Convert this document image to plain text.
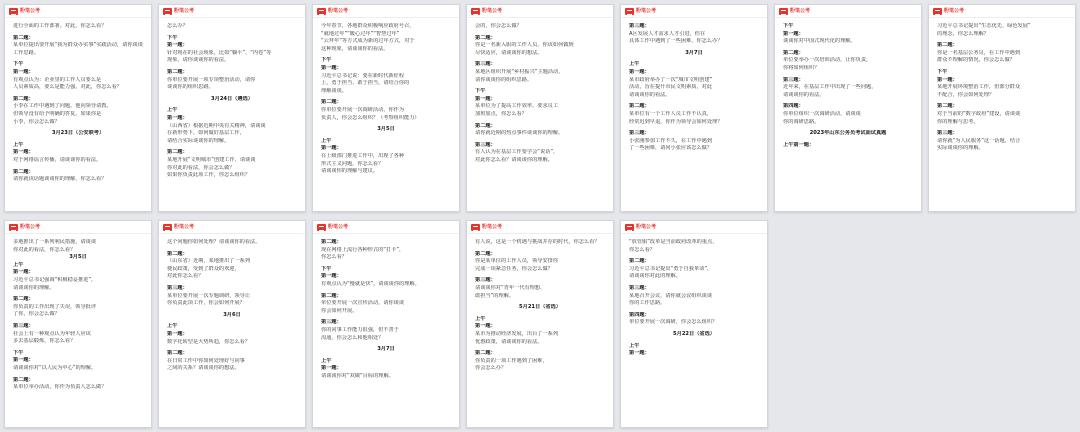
粉笔公考
进行全面的工作部署。对此，你怎么看？
第二题：
某单位提出要开展“我为群众办实事”实践活动，请你谈谈
工作思路。
下午
第一题：
有观点认为：企业里的工作人员要么是
人员素质高，要么是能力强。对此，你怎么看？
第二题：
小李在工作中遇到了问题，他向领导请教，
但领导没有给予明确的答复。如果你是
小李，你会怎么做？
3月23日（公安联考）
上午
第一题：
对于网络谣言传播，请谈谈你的看法。
第二题：
请你就该话题谈谈你的理解，你怎么看？
粉笔公考
怎么办？
下午
第一题：
针对现在的社会现象，比如“躺平”、“内卷”等
现象，请你谈谈你的看法。
第二题：
你单位要开展一项专项整治活动，请你
谈谈你的组织思路。
3月24日（遴选）
上午
第一题：
（山西省）根据近期中央有关精神，请谈谈
在新形势下，如何做好基层工作，
请结合实际谈谈你的理解。
第二题：
某地开展“文明城市”创建工作，请谈谈
你对此的看法，你会怎么做？
如果你负责此项工作，你怎么组织？
粉笔公考
今年春节，各地群众积极响应政府号召，
“就地过年”“暖心过年”“智慧过年”
“云拜年”等方式成为新的过年方式，对于
这种现象，请谈谈你的看法。
下午
第一题：
习近平总书记说：要在新时代新征程
上，勇于担当、敢于担当，请结合你的
理解谈谈。
第二题：
你单位要开展一次调研活动，你作为
负责人，你会怎么组织？（考察组织能力）
3月5日
上午
第一题：
在上级部门推进工作中，出现了各种
形式主义问题，你怎么看？
请谈谈你的理解与建议。
粉笔公考
会的，你会怎么做？
第二题：
你是一名新入职的工作人员，你该如何做到
尽快适应，请谈谈你的想法。
第三题：
某地区组织开展“乡村振兴”主题活动，
请你谈谈你的组织思路。
下午
第一题：
某单位为了提高工作效率，要求员工
加班加点，你怎么看？
第二题：
请你就近期的热点事件谈谈你的理解。
第三题：
有人认为在基层工作要学会“说话”，
对此你怎么看？请谈谈你的理解。
粉笔公考
第三题：
A区发展人才需求人才引进，但在
具体工作中遇到了一些困难，你怎么办？
3月7日
上午
第一题：
某市政府举办了一次“城市文明创建”
活动，旨在提升市民文明素质，对此
请谈谈你的看法。
第二题：
某单位有一个工作人员工作不认真，
经常迟到早退，你作为领导会如何处理？
第三题：
小张刚参加工作不久，在工作中遇到
了一些困难，请问小张应该怎么做？
粉笔公考
下午
第一题：
谈谈你对中国式现代化的理解。
第二题：
单位要举办一次培训活动，让你负责，
你将如何组织？
第三题：
近年来，在基层工作中出现了一些问题，
请谈谈你的看法。
第四题：
你单位组织一次调研活动，请谈谈
你的调研思路。
2023年山东公务员考试面试真题
上午第一题：
粉笔公考
习近平总书记提出“生态优先、绿色发展”
的理念，你怎么理解？
第二题：
你是一名基层公务员，在工作中遇到
群众不理解的情况，你会怎么做？
下午
第一题：
某地开展环境整治工作，但部分群众
不配合，你会如何处理？
第二题：
对于当前的“数字政府”建设，请谈谈
你的理解与思考。
第三题：
请你就“为人民服务”这一话题，结合
实际谈谈你的理解。
粉笔公考
多地推出了一系列利民措施，请谈谈
你对此的看法，你怎么看？
3月5日
上午
第一题：
习近平总书记强调“积极稳妥推进”，
请谈谈你的理解。
第二题：
你负责的工作出现了失误，领导批评
了你，你会怎么做？
第三题：
社会上有一种观点认为年轻人应该
多去基层锻炼，你怎么看？
下午
第一题：
请谈谈你对“以人民为中心”的理解。
第二题：
某单位举办活动，你作为负责人怎么做？
粉笔公考
这个问题你如何处理？请谈谈你的看法。
第二题：
（山东省）近期，某地推出了一系列
便民政策，受到了群众的欢迎，
对此你怎么看？
第三题：
某单位要开展一次专题调研，领导让
你负责此项工作，你会如何开展？
3月6日
上午
第一题：
数字化转型是大势所趋，你怎么看？
第二题：
在日常工作中你如何处理好与同事
之间的关系？请谈谈你的想法。
粉笔公考
第二题：
现在网络上流行各种形式的“打卡”，
你怎么看？
下午
第一题：
有观点认为“慢就是快”，请谈谈你的理解。
第二题：
单位要开展一次宣传活动，请你谈谈
你会如何开展。
第三题：
你的同事工作能力很强，但不善于
沟通，你会怎么和他相处？
3月7日
上午
第一题：
请谈谈你对“双碳”目标的理解。
粉笔公考
有人说，这是一个机遇与挑战并存的时代，你怎么看？
第二题：
你是某单位的工作人员，领导安排你
完成一项紧急任务，你会怎么做？
第三题：
请谈谈你对“青年一代有理想、
敢担当”的理解。
5月21日（省选）
上午
第一题：
某市为推动经济发展，出台了一系列
优惠政策，请谈谈你的看法。
第二题：
你负责的一项工作遇到了困难，
你会怎么办？
粉笔公考
“放管服”改革是当前政府改革的重点，
你怎么看？
第二题：
习近平总书记提出“勇于自我革命”，
请谈谈你对此的理解。
第三题：
某地召开会议，请你就会议组织谈谈
你的工作思路。
第四题：
单位要开展一次调研，你会怎么组织？
5月22日（省选）
上午
第一题：
